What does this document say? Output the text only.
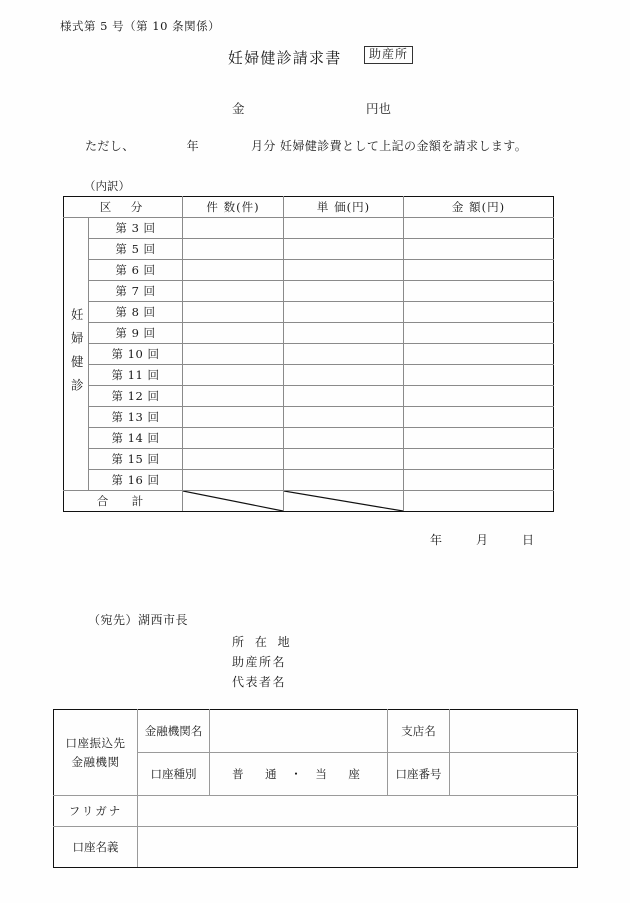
様式第 5 号（第 10 条関係）
妊婦健診請求書	助産所
金	円也
ただし、	年	月分 妊婦健診費として上記の金額を請求します。
（内訳）
区　分		件 数(件)	単 価(円)	金 額(円)
妊婦健診	第 3 回			
	第 5 回			
	第 6 回			
	第 7 回			
	第 8 回			
	第 9 回			
	第 10 回			
	第 11 回			
	第 12 回			
	第 13 回			
	第 14 回			
	第 15 回			
	第 16 回			
合　計	

年	月	日
（宛先）湖西市長
所 在 地
助産所名
代表者名
口座振込先
金融機関	金融機関名		支店名	
	口座種別	普　通 ・ 当　座	口座番号	
フリガナ				
口座名義				
